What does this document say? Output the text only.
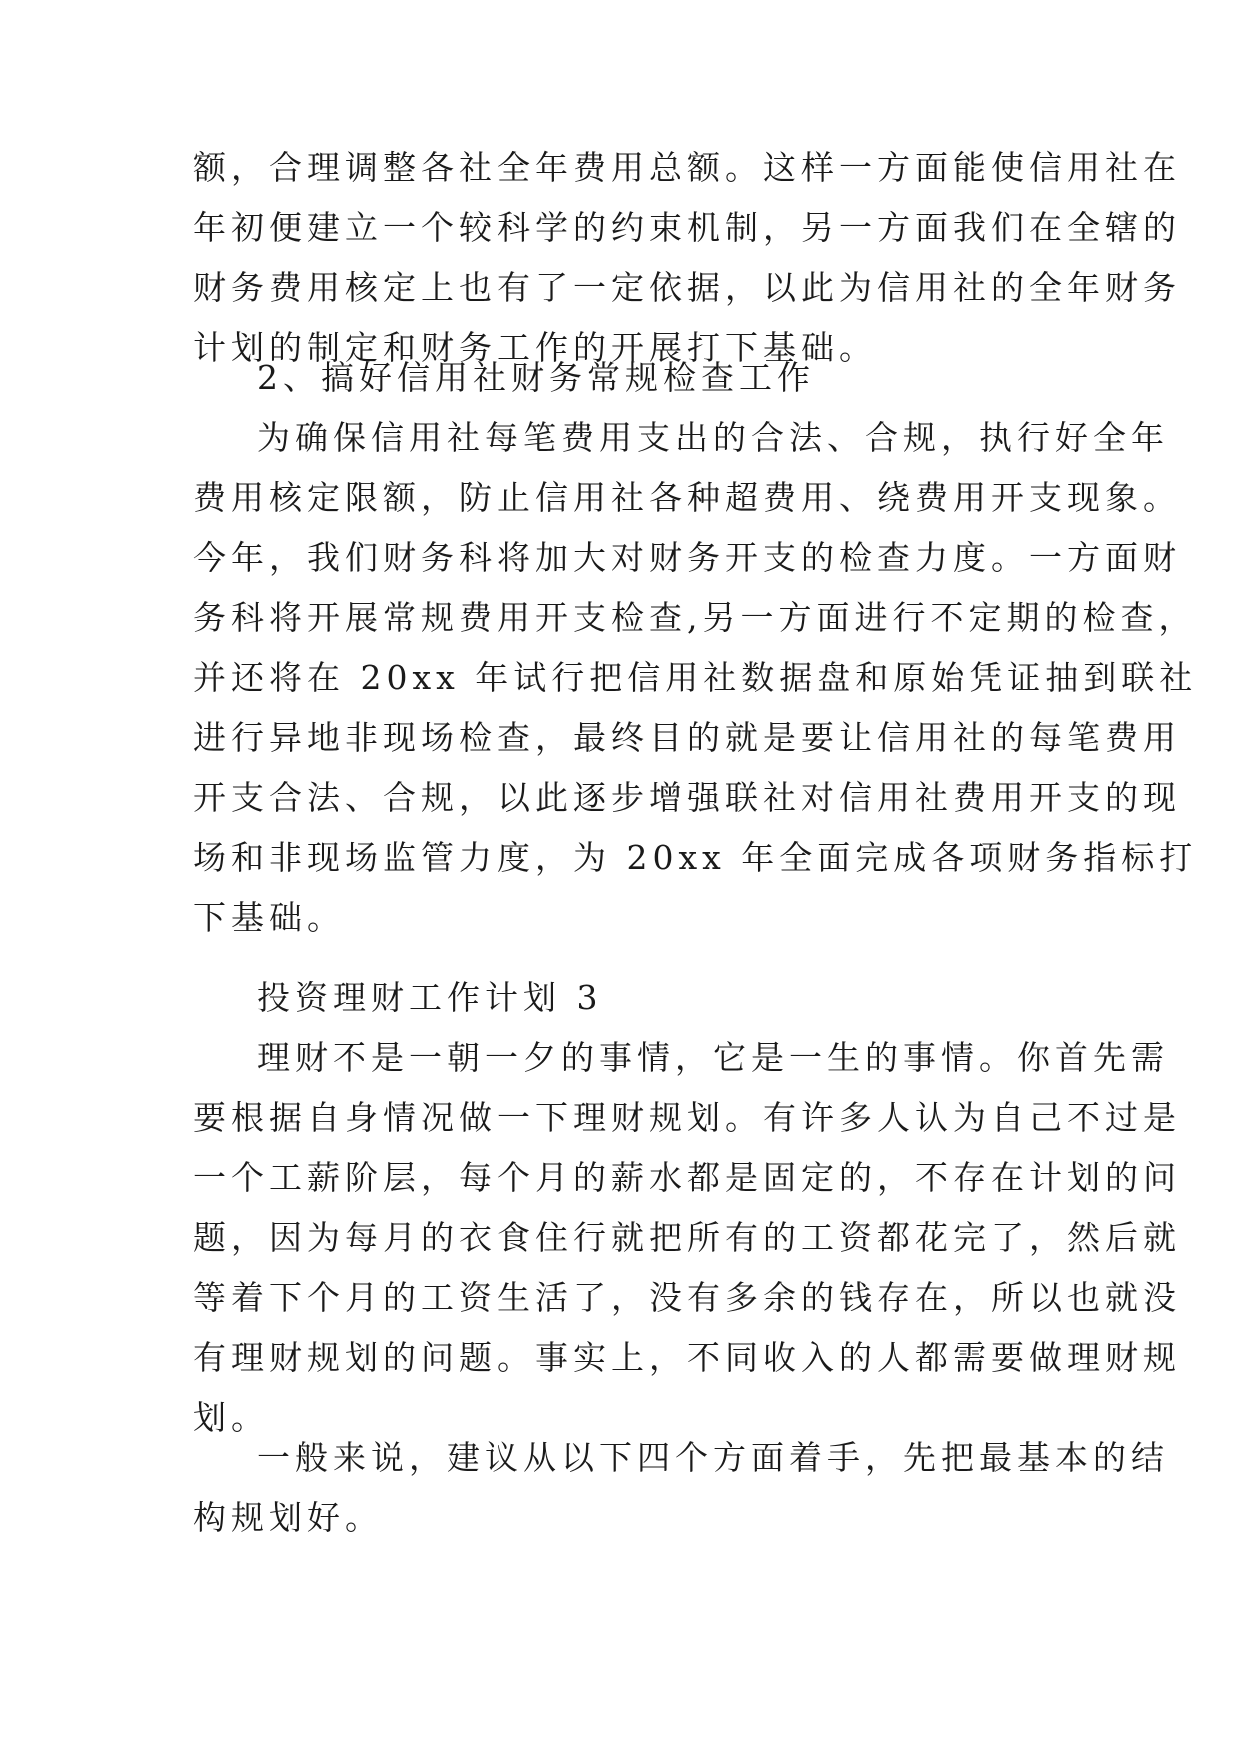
额，合理调整各社全年费用总额。这样一方面能使信用社在
年初便建立一个较科学的约束机制，另一方面我们在全辖的
财务费用核定上也有了一定依据，以此为信用社的全年财务
计划的制定和财务工作的开展打下基础。
2、搞好信用社财务常规检查工作
为确保信用社每笔费用支出的合法、合规，执行好全年
费用核定限额，防止信用社各种超费用、绕费用开支现象。
今年，我们财务科将加大对财务开支的检查力度。一方面财
务科将开展常规费用开支检查,另一方面进行不定期的检查，
并还将在 20xx 年试行把信用社数据盘和原始凭证抽到联社
进行异地非现场检查，最终目的就是要让信用社的每笔费用
开支合法、合规，以此逐步增强联社对信用社费用开支的现
场和非现场监管力度，为 20xx 年全面完成各项财务指标打
下基础。
投资理财工作计划 3
理财不是一朝一夕的事情，它是一生的事情。你首先需
要根据自身情况做一下理财规划。有许多人认为自己不过是
一个工薪阶层，每个月的薪水都是固定的，不存在计划的问
题，因为每月的衣食住行就把所有的工资都花完了，然后就
等着下个月的工资生活了，没有多余的钱存在，所以也就没
有理财规划的问题。事实上，不同收入的人都需要做理财规
划。
一般来说，建议从以下四个方面着手，先把最基本的结
构规划好。
